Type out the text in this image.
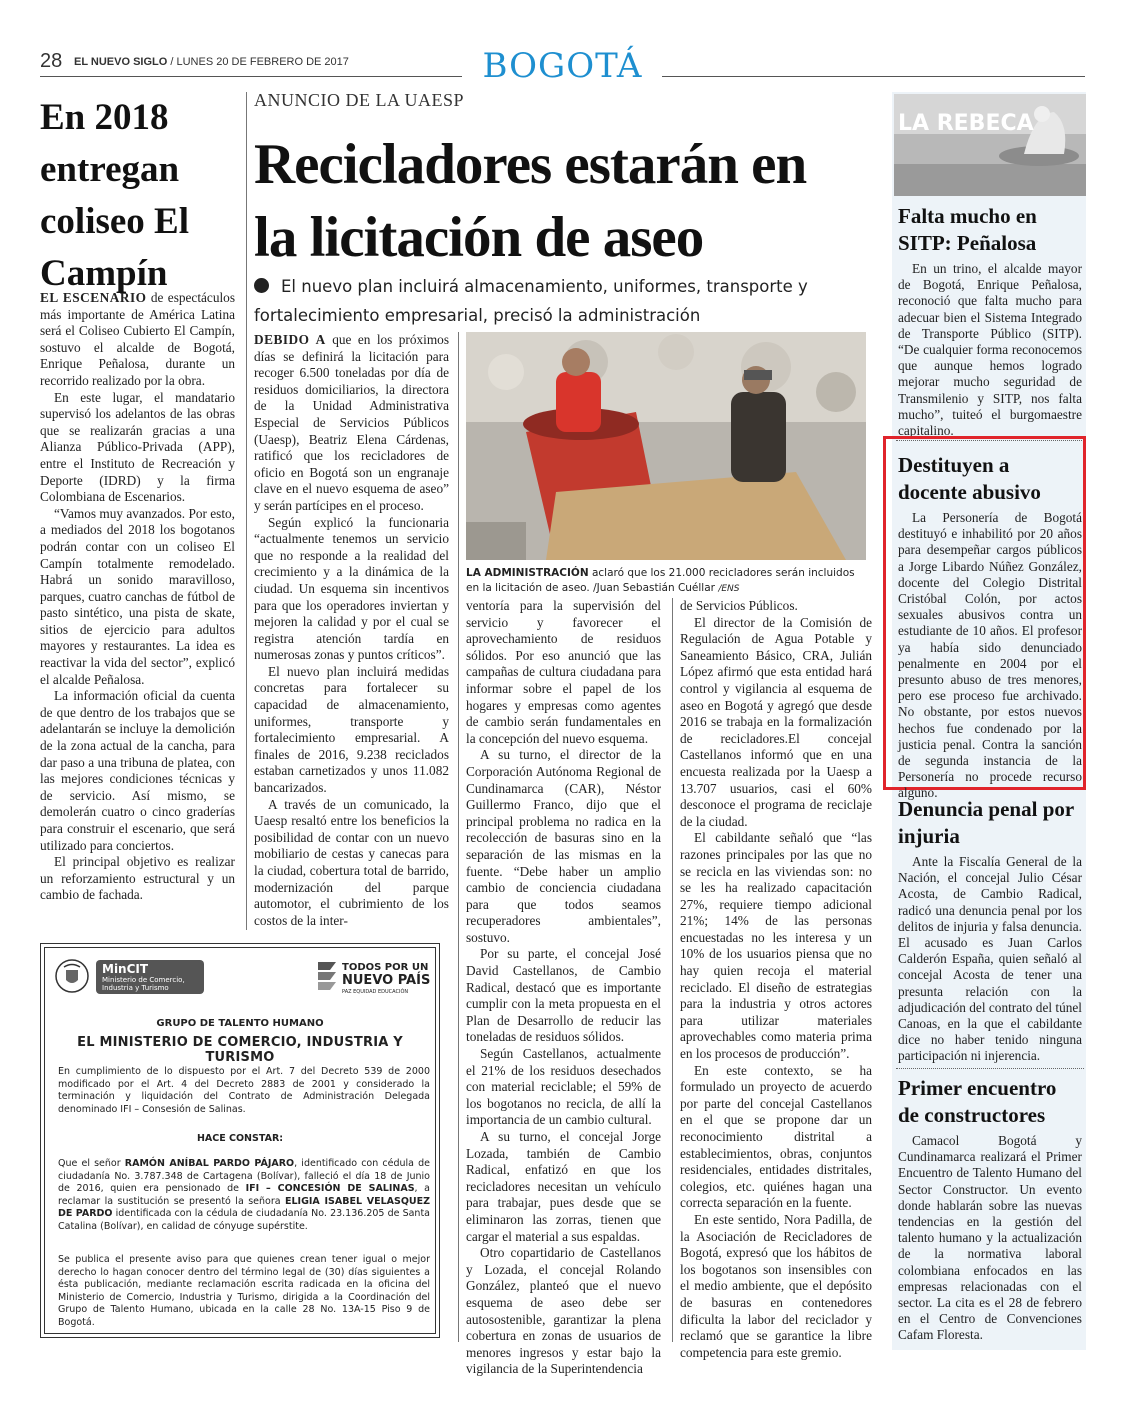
28 EL NUEVO SIGLO / LUNES 20 DE FEBRERO DE 2017	BOGOTÁ
En 2018 entregan coliseo El Campín

EL ESCENARIO de espectáculos más importante de América Latina será el Coliseo Cubierto El Campín, sostuvo el alcalde de Bogotá, Enrique Peñalosa, durante un recorrido realizado por la obra.

En este lugar, el mandatario supervisó los adelantos de las obras que se realizarán gracias a una Alianza Público-Privada (APP), entre el Instituto de Recreación y Deporte (IDRD) y la firma Colombiana de Escenarios.

“Vamos muy avanzados. Por esto, a mediados del 2018 los bogotanos podrán contar con un coliseo El Campín totalmente remodelado. Habrá un sonido maravilloso, parques, cuatro canchas de fútbol de pasto sintético, una pista de skate, sitios de ejercicio para adultos mayores y restaurantes. La idea es reactivar la vida del sector”, explicó el alcalde Peñalosa.

La información oficial da cuenta de que dentro de los trabajos que se adelantarán se incluye la demolición de la zona actual de la cancha, para dar paso a una tribuna de platea, con las mejores condiciones técnicas y de servicio. Así mismo, se demolerán cuatro o cinco graderías para construir el escenario, que será utilizado para conciertos.

El principal objetivo es realizar un reforzamiento estructural y un cambio de fachada.

ANUNCIO DE LA UAESP
Recicladores estarán en la licitación de aseo
El nuevo plan incluirá almacenamiento, uniformes, transporte y fortalecimiento empresarial, precisó la administración
LA ADMINISTRACIÓN aclaró que los 21.000 recicladores serán incluidos en la licitación de aseo. /Juan Sebastián Cuéllar /ENS

DEBIDO A que en los próximos días se definirá la licitación para recoger 6.500 toneladas por día de residuos domiciliarios, la directora de la Unidad Administrativa Especial de Servicios Públicos (Uaesp), Beatriz Elena Cárdenas, ratificó que los recicladores de oficio en Bogotá son un engranaje clave en el nuevo esquema de aseo” y serán partícipes en el proceso.

Según explicó la funcionaria “actualmente tenemos un servicio que no responde a la realidad del crecimiento y a la dinámica de la ciudad. Un esquema sin incentivos para que los operadores inviertan y mejoren la calidad y por el cual se registra atención tardía en numerosas zonas y puntos críticos”.

El nuevo plan incluirá medidas concretas para fortalecer su capacidad de almacenamiento, uniformes, transporte y fortalecimiento empresarial. A finales de 2016, 9.238 reciclados estaban carnetizados y unos 11.082 bancarizados.

A través de un comunicado, la Uaesp resaltó entre los beneficios la posibilidad de contar con un nuevo mobiliario de cestas y canecas para la ciudad, cobertura total de barrido, modernización del parque automotor, el cubrimiento de los costos de la inter-

ventoría para la supervisión del servicio y favorecer el aprovechamiento de residuos sólidos. Por eso anunció que las campañas de cultura ciudadana para informar sobre el papel de los hogares y empresas como agentes de cambio serán fundamentales en la concepción del nuevo esquema.

A su turno, el director de la Corporación Autónoma Regional de Cundinamarca (CAR), Néstor Guillermo Franco, dijo que el principal problema no radica en la recolección de basuras sino en la separación de las mismas en la fuente. “Debe haber un amplio cambio de conciencia ciudadana para que todos seamos recuperadores ambientales”, sostuvo.

Por su parte, el concejal José David Castellanos, de Cambio Radical, destacó que es importante cumplir con la meta propuesta en el Plan de Desarrollo de reducir las toneladas de residuos sólidos.

Según Castellanos, actualmente el 21% de los residuos desechados con material reciclable; el 59% de los bogotanos no recicla, de allí la importancia de un cambio cultural.

A su turno, el concejal Jorge Lozada, también de Cambio Radical, enfatizó en que los recicladores necesitan un vehículo para trabajar, pues desde que se eliminaron las zorras, tienen que cargar el material a sus espaldas.

Otro copartidario de Castellanos y Lozada, el concejal Rolando González, planteó que el nuevo esquema de aseo debe ser autosostenible, garantizar la plena cobertura en zonas de usuarios de menores ingresos y estar bajo la vigilancia de la Superintendencia

de Servicios Públicos.

El director de la Comisión de Regulación de Agua Potable y Saneamiento Básico, CRA, Julián López afirmó que esta entidad hará control y vigilancia al esquema de aseo en Bogotá y agregó que desde 2016 se trabaja en la formalización de recicladores.El concejal Castellanos informó que en una encuesta realizada por la Uaesp a 13.707 usuarios, casi el 60% desconoce el programa de reciclaje de la ciudad.

El cabildante señaló que “las razones principales por las que no se recicla en las viviendas son: no se les ha realizado capacitación 27%, requiere tiempo adicional 21%; 14% de las personas encuestadas no les interesa y un 10% de los usuarios piensa que no hay quien recoja el material reciclado. El diseño de estrategias para la industria y otros actores para utilizar materiales aprovechables como materia prima en los procesos de producción”.

En este contexto, se ha formulado un proyecto de acuerdo por parte del concejal Castellanos en el que se propone dar un reconocimiento distrital a establecimientos, obras, conjuntos residenciales, entidades distritales, colegios, etc. quiénes hagan una correcta separación en la fuente.

En este sentido, Nora Padilla, de la Asociación de Recicladores de Bogotá, expresó que los hábitos de los bogotanos son insensibles con el medio ambiente, que el depósito de basuras en contenedores dificulta la labor del reciclador y reclamó que se garantice la libre competencia para este gremio.

LA REBECA
Falta mucho en SITP: Peñalosa

En un trino, el alcalde mayor de Bogotá, Enrique Peñalosa, reconoció que falta mucho para adecuar bien el Sistema Integrado de Transporte Público (SITP). “De cualquier forma reconocemos que aunque hemos logrado mejorar mucho seguridad de Transmilenio y SITP, nos falta mucho”, tuiteó el burgomaestre capitalino.

Destituyen a docente abusivo

La Personería de Bogotá destituyó e inhabilitó por 20 años para desempeñar cargos públicos a Jorge Libardo Núñez González, docente del Colegio Distrital Cristóbal Colón, por actos sexuales abusivos contra un estudiante de 10 años. El profesor ya había sido denunciado penalmente en 2004 por el presunto abuso de tres menores, pero ese proceso fue archivado. No obstante, por estos nuevos hechos fue condenado por la justicia penal. Contra la sanción de segunda instancia de la Personería no procede recurso alguno.

Denuncia penal por injuria

Ante la Fiscalía General de la Nación, el concejal Julio César Acosta, de Cambio Radical, radicó una denuncia penal por los delitos de injuria y falsa denuncia. El acusado es Juan Carlos Calderón España, quien señaló al concejal Acosta de tener una presunta relación con la adjudicación del contrato del túnel Canoas, en la que el cabildante dice no haber tenido ninguna participación ni injerencia.

Primer encuentro de constructores

Camacol Bogotá y Cundinamarca realizará el Primer Encuentro de Talento Humano del Sector Constructor. Un evento donde hablarán sobre las nuevas tendencias en la gestión del talento humano y la actualización de la normativa laboral colombiana enfocados en las empresas relacionadas con el sector. La cita es el 28 de febrero en el Centro de Convenciones Cafam Floresta.

MinCIT
Ministerio de Comercio,
Industria y Turismo
TODOS POR UN
NUEVO PAÍS
PAZ EQUIDAD EDUCACIÓN
GRUPO DE TALENTO HUMANO
EL MINISTERIO DE COMERCIO, INDUSTRIA Y TURISMO
En cumplimiento de lo dispuesto por el Art. 7 del Decreto 539 de 2000 modificado por el Art. 4 del Decreto 2883 de 2001 y considerado la terminación y liquidación del Contrato de Administración Delegada denominado IFI – Consesión de Salinas.
HACE CONSTAR:
Que el señor RAMÓN ANÍBAL PARDO PÁJARO, identificado con cédula de ciudadanía No. 3.787.348 de Cartagena (Bolívar), falleció el día 18 de Junio de 2016, quien era pensionado de IFI – CONCESIÓN DE SALINAS, a reclamar la sustitución se presentó la señora ELIGIA ISABEL VELASQUEZ DE PARDO identificada con la cédula de ciudadanía No. 23.136.205 de Santa Catalina (Bolívar), en calidad de cónyuge supérstite.
Se publica el presente aviso para que quienes crean tener igual o mejor derecho lo hagan conocer dentro del término legal de (30) días siguientes a ésta publicación, mediante reclamación escrita radicada en la oficina del Ministerio de Comercio, Industria y Turismo, dirigida a la Coordinación del Grupo de Talento Humano, ubicada en la calle 28 No. 13A-15 Piso 9 de Bogotá.
